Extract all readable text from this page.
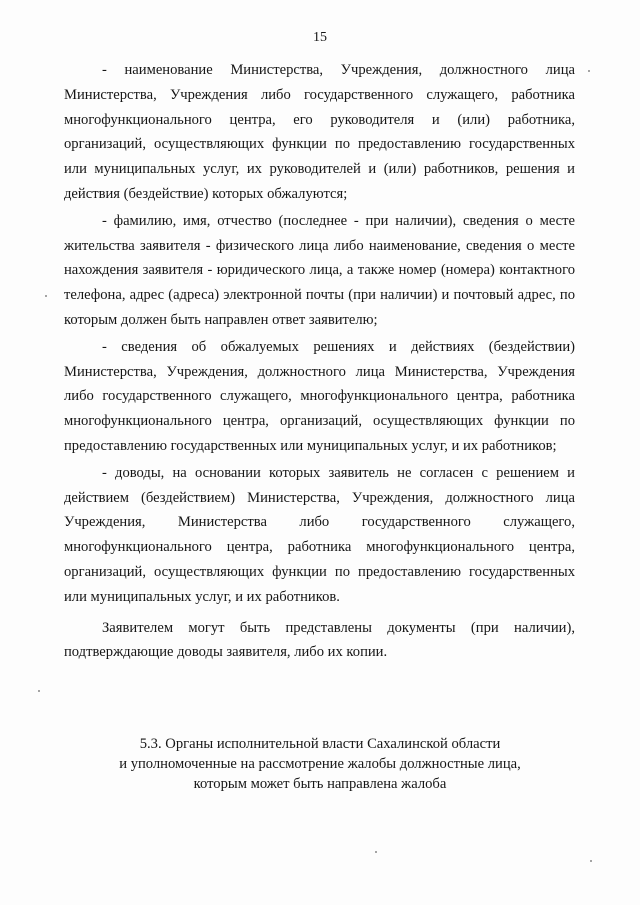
15

- наименование Министерства, Учреждения, должностного лица Министерства, Учреждения либо государственного служащего, работника многофункционального центра, его руководителя и (или) работника, организаций, осуществляющих функции по предоставлению государственных или муниципальных услуг, их руководителей и (или) работников, решения и действия (бездействие) которых обжалуются;

- фамилию, имя, отчество (последнее - при наличии), сведения о месте жительства заявителя - физического лица либо наименование, сведения о месте нахождения заявителя - юридического лица, а также номер (номера) контактного телефона, адрес (адреса) электронной почты (при наличии) и почтовый адрес, по которым должен быть направлен ответ заявителю;

- сведения об обжалуемых решениях и действиях (бездействии) Министерства, Учреждения, должностного лица Министерства, Учреждения либо государственного служащего, многофункционального центра, работника многофункционального центра, организаций, осуществляющих функции по предоставлению государственных или муниципальных услуг, и их работников;

- доводы, на основании которых заявитель не согласен с решением и действием (бездействием) Министерства, Учреждения, должностного лица Учреждения, Министерства либо государственного служащего, многофункционального центра, работника многофункционального центра, организаций, осуществляющих функции по предоставлению государственных или муниципальных услуг, и их работников.

Заявителем могут быть представлены документы (при наличии), подтверждающие доводы заявителя, либо их копии.

5.3. Органы исполнительной власти Сахалинской области
и уполномоченные на рассмотрение жалобы должностные лица,
которым может быть направлена жалоба
